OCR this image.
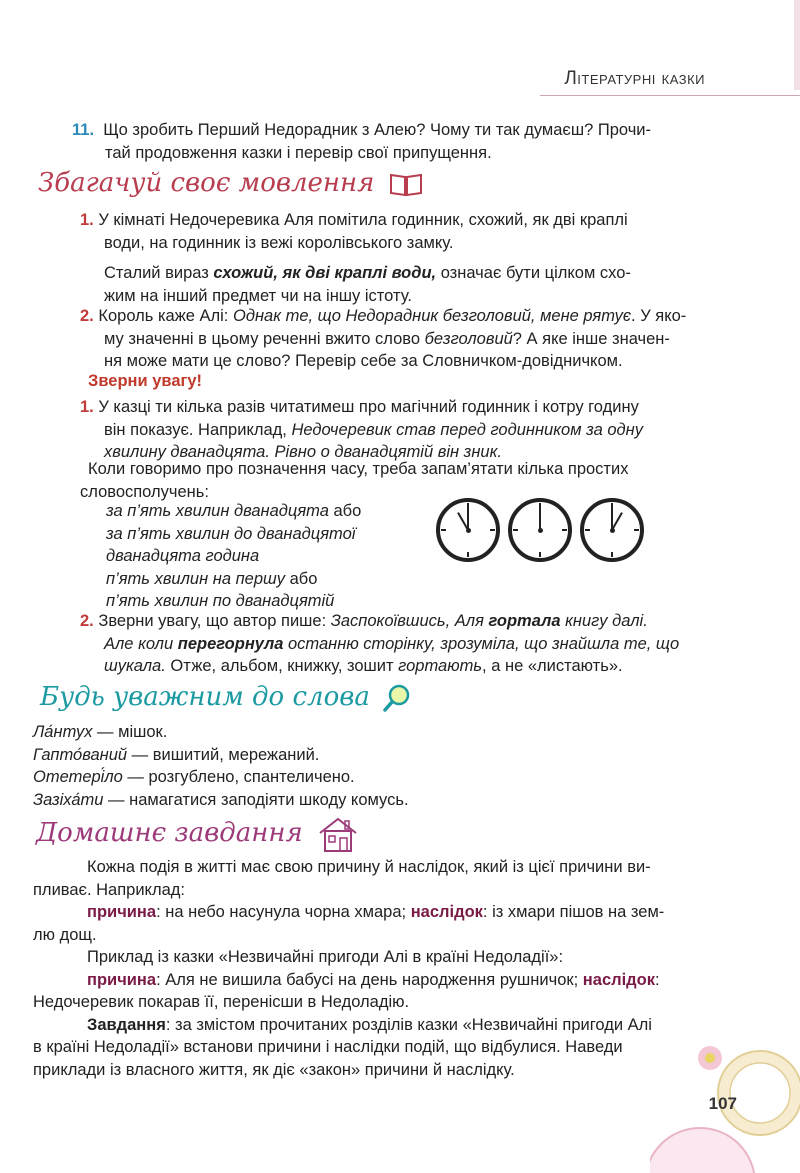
Літературні казки
11. Що зробить Перший Недорадник з Алею? Чому ти так думаєш? Прочи-
тай продовження казки і перевір свої припущення.
Збагачуй своє мовлення
1. У кімнаті Недочеревика Аля помітила годинник, схожий, як дві краплі
води, на годинник із вежі королівського замку.
Сталий вираз схожий, як дві краплі води, означає бути цілком схо-
жим на інший предмет чи на іншу істоту.
2. Король каже Алі: Однак те, що Недорадник безголовий, мене рятує. У яко-
му значенні в цьому реченні вжито слово безголовий? А яке інше значен-
ня може мати це слово? Перевір себе за Словничком-довідничком.
Зверни увагу!
1. У казці ти кілька разів читатимеш про магічний годинник і котру годину
він показує. Наприклад, Недочеревик став перед годинником за одну
хвилину дванадцята. Рівно о дванадцятій він зник.
Коли говоримо про позначення часу, треба запам’ятати кілька простих
словосполучень:
за п’ять хвилин дванадцята або
за п’ять хвилин до дванадцятої
дванадцята година
п’ять хвилин на першу або
п’ять хвилин по дванадцятій
2. Зверни увагу, що автор пише: Заспокоївшись, Аля гортала книгу далі.
Але коли перегорнула останню сторінку, зрозуміла, що знайшла те, що
шукала. Отже, альбом, книжку, зошит гортають, а не «листають».
Будь уважним до слова
Ла́нтух — мішок.
Гапто́ваний — вишитий, мережаний.
Отетері́ло — розгублено, спантеличено.
Зазіха́ти — намагатися заподіяти шкоду комусь.
Домашнє завдання
Кожна подія в житті має свою причину й наслідок, який із цієї причини ви-
пливає. Наприклад:
причина: на небо насунула чорна хмара; наслідок: із хмари пішов на зем-
лю дощ.
Приклад із казки «Незвичайні пригоди Алі в країні Недоладії»:
причина: Аля не вишила бабусі на день народження рушничок; наслідок:
Недочеревик покарав її, перенісши в Недоладію.
Завдання: за змістом прочитаних розділів казки «Незвичайні пригоди Алі
в країні Недоладії» встанови причини і наслідки подій, що відбулися. Наведи
приклади із власного життя, як діє «закон» причини й наслідку.
107
